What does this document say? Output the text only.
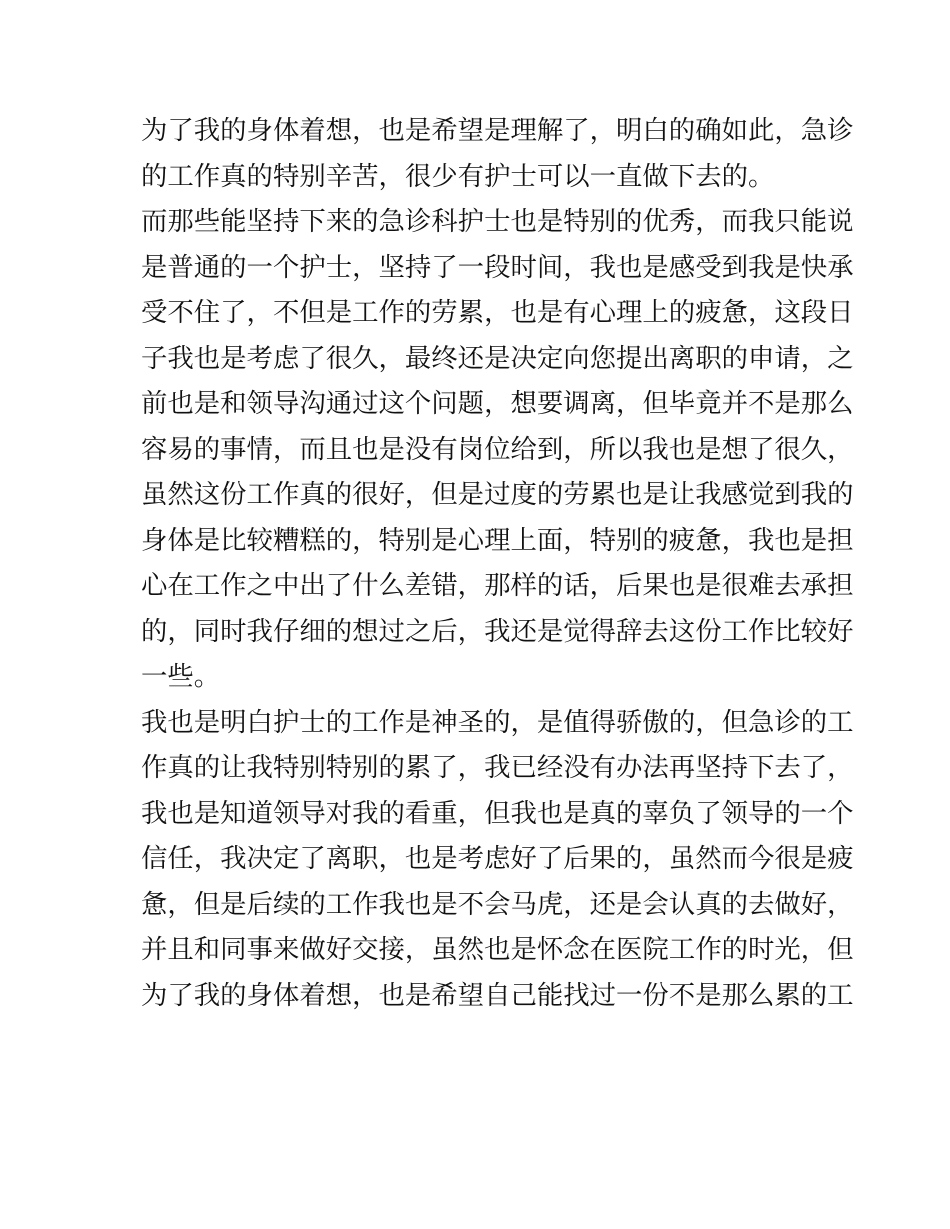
为了我的身体着想，也是希望是理解了，明白的确如此，急诊
的工作真的特别辛苦，很少有护士可以一直做下去的。
而那些能坚持下来的急诊科护士也是特别的优秀，而我只能说
是普通的一个护士，坚持了一段时间，我也是感受到我是快承
受不住了，不但是工作的劳累，也是有心理上的疲惫，这段日
子我也是考虑了很久，最终还是决定向您提出离职的申请，之
前也是和领导沟通过这个问题，想要调离，但毕竟并不是那么
容易的事情，而且也是没有岗位给到，所以我也是想了很久，
虽然这份工作真的很好，但是过度的劳累也是让我感觉到我的
身体是比较糟糕的，特别是心理上面，特别的疲惫，我也是担
心在工作之中出了什么差错，那样的话，后果也是很难去承担
的，同时我仔细的想过之后，我还是觉得辞去这份工作比较好
一些。
我也是明白护士的工作是神圣的，是值得骄傲的，但急诊的工
作真的让我特别特别的累了，我已经没有办法再坚持下去了，
我也是知道领导对我的看重，但我也是真的辜负了领导的一个
信任，我决定了离职，也是考虑好了后果的，虽然而今很是疲
惫，但是后续的工作我也是不会马虎，还是会认真的去做好，
并且和同事来做好交接，虽然也是怀念在医院工作的时光，但
为了我的身体着想，也是希望自己能找过一份不是那么累的工
